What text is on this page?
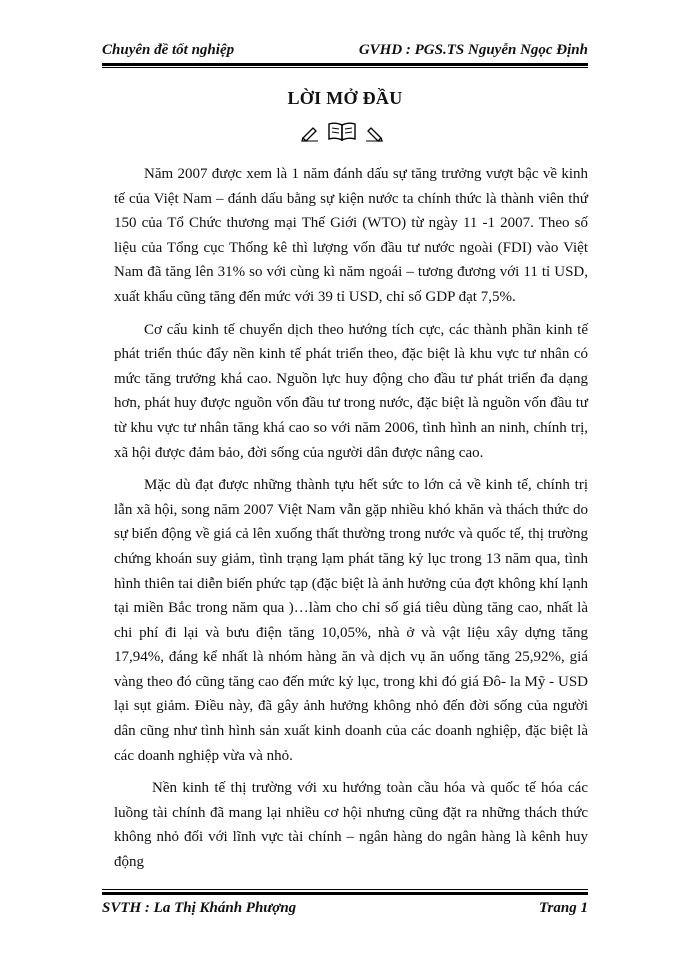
Chuyên đề tốt nghiệp	GVHD : PGS.TS Nguyễn Ngọc Định
LỜI MỞ ĐẦU

Năm 2007 được xem là 1 năm đánh dấu sự tăng trưởng vượt bậc về kinh tế của Việt Nam – đánh dấu bằng sự kiện nước ta chính thức là thành viên thứ 150 của Tổ Chức thương mại Thế Giới (WTO) từ ngày 11 -1 2007. Theo số liệu của Tổng cục Thống kê thì lượng vốn đầu tư nước ngoài (FDI) vào Việt Nam đã tăng lên 31% so với cùng kì năm ngoái – tương đương với 11 tỉ USD, xuất khẩu cũng tăng đến mức với 39 tỉ USD, chỉ số GDP đạt 7,5%.

Cơ cấu kinh tế chuyển dịch theo hướng tích cực, các thành phần kinh tế phát triển thúc đẩy nền kinh tế phát triển theo, đặc biệt là khu vực tư nhân có mức tăng trưởng khá cao. Nguồn lực huy động cho đầu tư phát triển đa dạng hơn, phát huy được nguồn vốn đầu tư trong nước, đặc biệt là nguồn vốn đầu tư từ khu vực tư nhân tăng khá cao so với năm 2006, tình hình an ninh, chính trị, xã hội được đảm bảo, đời sống của người dân được nâng cao.

Mặc dù đạt được những thành tựu hết sức to lớn cả về kinh tế, chính trị lẫn xã hội, song năm 2007 Việt Nam vẫn gặp nhiều khó khăn và thách thức do sự biến động về giá cả lên xuống thất thường trong nước và quốc tế, thị trường chứng khoán suy giảm, tình trạng lạm phát tăng kỷ lục trong 13 năm qua, tình hình thiên tai diễn biến phức tạp (đặc biệt là ảnh hưởng của đợt không khí lạnh tại miền Bắc trong năm qua )…làm cho chỉ số giá tiêu dùng tăng cao, nhất là chi phí đi lại và bưu điện tăng 10,05%, nhà ở và vật liệu xây dựng tăng 17,94%, đáng kể nhất là nhóm hàng ăn và dịch vụ ăn uống tăng 25,92%, giá vàng theo đó cũng tăng cao đến mức kỷ lục, trong khi đó giá Đô- la Mỹ - USD lại sụt giảm. Điều này, đã gây ảnh hưởng không nhỏ đến đời sống của người dân cũng như tình hình sản xuất kinh doanh của các doanh nghiệp, đặc biệt là các doanh nghiệp vừa và nhỏ.

Nền kinh tế thị trường với xu hướng toàn cầu hóa và quốc tế hóa các luồng tài chính đã mang lại nhiều cơ hội nhưng cũng đặt ra những thách thức không nhỏ đối với lĩnh vực tài chính – ngân hàng do ngân hàng là kênh huy động

SVTH : La Thị Khánh Phượng	Trang 1
